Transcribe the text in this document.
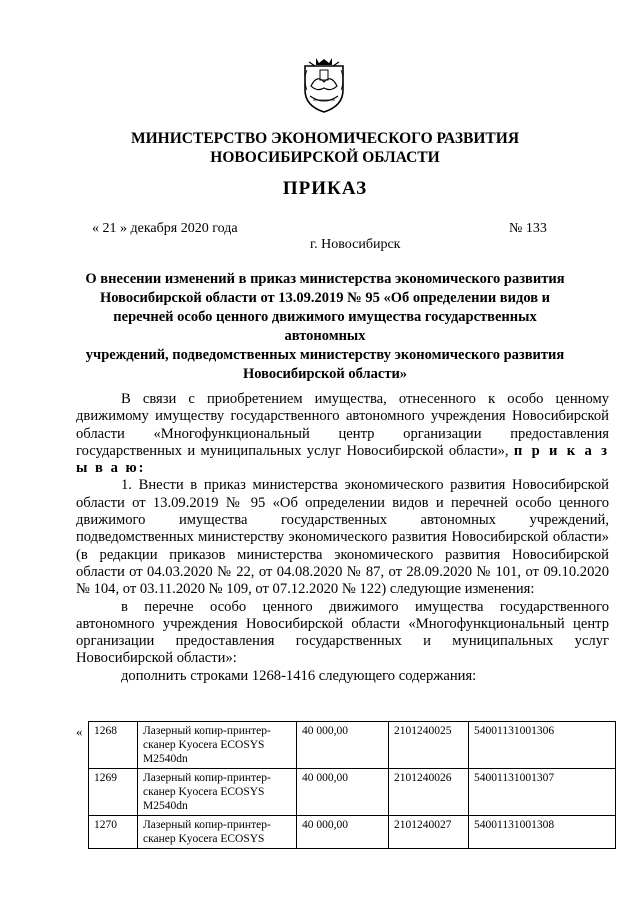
МИНИСТЕРСТВО ЭКОНОМИЧЕСКОГО РАЗВИТИЯ
НОВОСИБИРСКОЙ ОБЛАСТИ
ПРИКАЗ
« 21 » декабря 2020 года	№ 133
г. Новосибирск
О внесении изменений в приказ министерства экономического развития
Новосибирской области от 13.09.2019 № 95 «Об определении видов и
перечней особо ценного движимого имущества государственных автономных
учреждений, подведомственных министерству экономического развития
Новосибирской области»

В связи с приобретением имущества, отнесенного к особо ценному движимому имуществу государственного автономного учреждения Новосибирской области «Многофункциональный центр организации предоставления государственных и муниципальных услуг Новосибирской области», п р и к а з ы в а ю:

1. Внести в приказ министерства экономического развития Новосибирской области от 13.09.2019 № 95 «Об определении видов и перечней особо ценного движимого имущества государственных автономных учреждений, подведомственных министерству экономического развития Новосибирской области» (в редакции приказов министерства экономического развития Новосибирской области от 04.03.2020 № 22, от 04.08.2020 № 87, от 28.09.2020 № 101, от 09.10.2020 № 104, от 03.11.2020 № 109, от 07.12.2020 № 122) следующие изменения:

в перечне особо ценного движимого имущества государственного автономного учреждения Новосибирской области «Многофункциональный центр организации предоставления государственных и муниципальных услуг Новосибирской области»:

дополнить строками 1268-1416 следующего содержания:

« 1268	Лазерный копир-принтер-сканер Kyocera ECOSYS M2540dn	40 000,00	2101240025	54001131001306
1269	Лазерный копир-принтер-сканер Kyocera ECOSYS M2540dn	40 000,00	2101240026	54001131001307
1270	Лазерный копир-принтер-сканер Kyocera ECOSYS	40 000,00	2101240027	54001131001308
